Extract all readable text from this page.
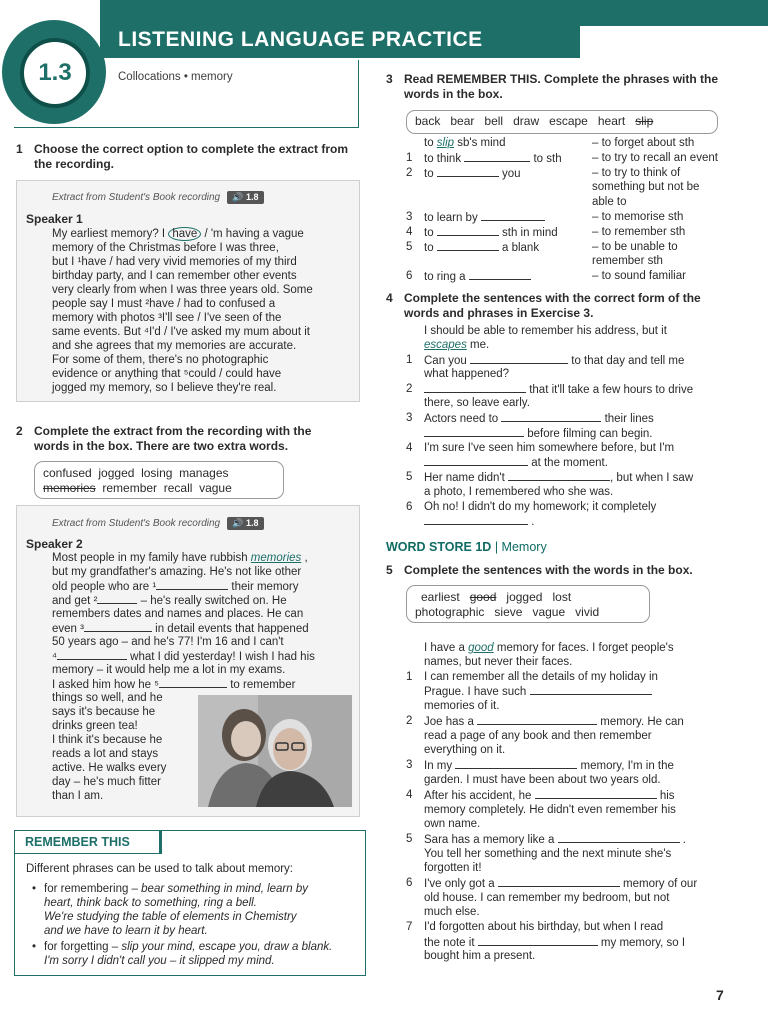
LISTENING LANGUAGE PRACTICE
1.3	Collocations • memory
1 Choose the correct option to complete the extract from the recording.
Extract from Student's Book recording 🔊 1.8
Speaker 1
My earliest memory? I have / 'm having a vague
memory of the Christmas before I was three,
but I ¹have / had very vivid memories of my third
birthday party, and I can remember other events
very clearly from when I was three years old. Some
people say I must ²have / had to confused a
memory with photos ³I'll see / I've seen of the
same events. But ⁴I'd / I've asked my mum about it
and she agrees that my memories are accurate.
For some of them, there's no photographic
evidence or anything that ⁵could / could have
jogged my memory, so I believe they're real.
2 Complete the extract from the recording with the words in the box. There are two extra words.
confused jogged losing manages
memories remember recall vague
Extract from Student's Book recording 🔊 1.8
Speaker 2
Most people in my family have rubbish memories ,
but my grandfather's amazing. He's not like other
old people who are ¹	their memory
and get ²	– he's really switched on. He
remembers dates and names and places. He can
even ³	in detail events that happened
50 years ago – and he's 77! I'm 16 and I can't
⁴	what I did yesterday! I wish I had his
memory – it would help me a lot in my exams.
I asked him how he ⁵	to remember
things so well, and he
says it's because he
drinks green tea!
I think it's because he
reads a lot and stays
active. He walks every
day – he's much fitter
than I am.
REMEMBER THIS
Different phrases can be used to talk about memory:
• for remembering – bear something in mind, learn by
heart, think back to something, ring a bell.
We're studying the table of elements in Chemistry
and we have to learn it by heart.
• for forgetting – slip your mind, escape you, draw a blank.
I'm sorry I didn't call you – it slipped my mind.
3 Read REMEMBER THIS. Complete the phrases with the words in the box.
back bear bell draw escape heart slip
to slip sb's mind	– to forget about sth
1 to think	to sth	– to try to recall an event
2 to	you	– to try to think of
something but not be
able to
3 to learn by	– to memorise sth
4 to	sth in mind	– to remember sth
5 to	a blank	– to be unable to
remember sth
6 to ring a	– to sound familiar
4 Complete the sentences with the correct form of the words and phrases in Exercise 3.
I should be able to remember his address, but it
escapes me.
1 Can you	to that day and tell me
what happened?
2	that it'll take a few hours to drive
there, so leave early.
3 Actors need to	their lines
before filming can begin.
4 I'm sure I've seen him somewhere before, but I'm
at the moment.
5 Her name didn't	, but when I saw
a photo, I remembered who she was.
6 Oh no! I didn't do my homework; it completely
.
WORD STORE 1D | Memory
5 Complete the sentences with the words in the box.
earliest good jogged lost
photographic sieve vague vivid
I have a good memory for faces. I forget people's
names, but never their faces.
1 I can remember all the details of my holiday in
Prague. I have such
memories of it.
2 Joe has a	memory. He can
read a page of any book and then remember
everything on it.
3 In my	memory, I'm in the
garden. I must have been about two years old.
4 After his accident, he	his
memory completely. He didn't even remember his
own name.
5 Sara has a memory like a	.
You tell her something and the next minute she's
forgotten it!
6 I've only got a	memory of our
old house. I can remember my bedroom, but not
much else.
7 I'd forgotten about his birthday, but when I read
the note it	my memory, so I
bought him a present.
7
